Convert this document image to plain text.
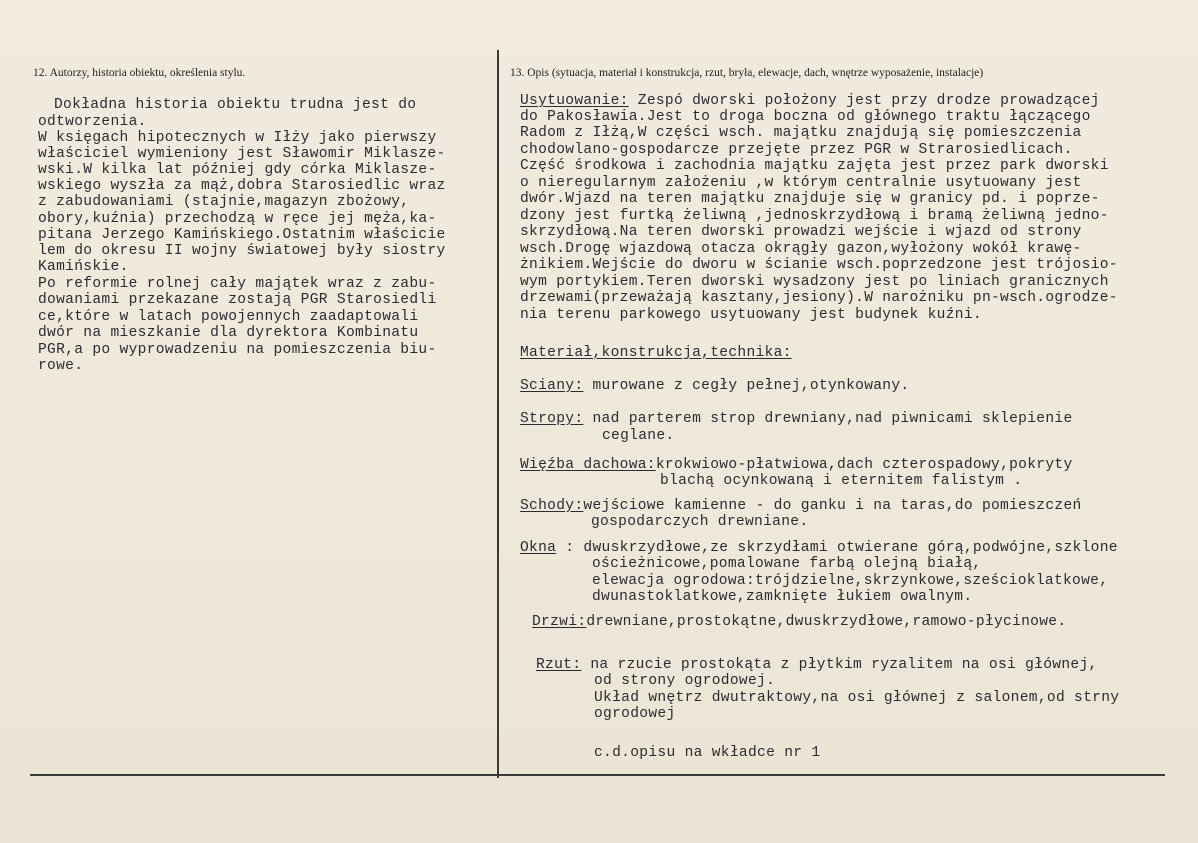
12. Autorzy, historia obiektu, określenia stylu.
Dokładna historia obiektu trudna jest do
odtworzenia.
W księgach hipotecznych w Iłży jako pierwszy
właściciel wymieniony jest Sławomir Miklasze-
wski.W kilka lat później gdy córka Miklasze-
wskiego wyszła za mąż,dobra Starosiedlic wraz
z zabudowaniami (stajnie,magazyn zbożowy,
obory,kuźnia) przechodzą w ręce jej męża,ka-
pitana Jerzego Kamińskiego.Ostatnim właścicie
lem do okresu II wojny światowej były siostry
Kamińskie.
Po reformie rolnej cały majątek wraz z zabu-
dowaniami przekazane zostają PGR Starosiedli
ce,które w latach powojennych zaadaptowali
dwór na mieszkanie dla dyrektora Kombinatu
PGR,a po wyprowadzeniu na pomieszczenia biu-
rowe.
13. Opis (sytuacja, materiał i konstrukcja, rzut, bryła, elewacje, dach, wnętrze wyposażenie, instalacje)
Usytuowanie: Zespó dworski położony jest przy drodze prowadzącej
do Pakosławia.Jest to droga boczna od głównego traktu łączącego
Radom z Iłżą,W części wsch. majątku znajdują się pomieszczenia
chodowlano-gospodarcze przejęte przez PGR w Strarosiedlicach.
Część środkowa i zachodnia majątku zajęta jest przez park dworski
o nieregularnym założeniu ,w którym centralnie usytuowany jest
dwór.Wjazd na teren majątku znajduje się w granicy pd. i poprze-
dzony jest furtką żeliwną ,jednoskrzydłową i bramą żeliwną jedno-
skrzydłową.Na teren dworski prowadzi wejście i wjazd od strony
wsch.Drogę wjazdową otacza okrągły gazon,wyłożony wokół krawę-
żnikiem.Wejście do dworu w ścianie wsch.poprzedzone jest trójosio-
wym portykiem.Teren dworski wysadzony jest po liniach granicznych
drzewami(przeważają kasztany,jesiony).W narożniku pn-wsch.ogrodze-
nia terenu parkowego usytuowany jest budynek kuźni.
Materiał,konstrukcja,technika:
Sciany: murowane z cegły pełnej,otynkowany.
Stropy: nad parterem strop drewniany,nad piwnicami sklepienie
ceglane.
Więźba dachowa:krokwiowo-płatwiowa,dach czterospadowy,pokryty
blachą ocynkowaną i eternitem falistym .
Schody:wejściowe kamienne - do ganku i na taras,do pomieszczeń
gospodarczych drewniane.
Okna : dwuskrzydłowe,ze skrzydłami otwierane górą,podwójne,szklone
ościeżnicowe,pomalowane farbą olejną białą,
elewacja ogrodowa:trójdzielne,skrzynkowe,sześcioklatkowe,
dwunastoklatkowe,zamknięte łukiem owalnym.
Drzwi:drewniane,prostokątne,dwuskrzydłowe,ramowo-płycinowe.
Rzut: na rzucie prostokąta z płytkim ryzalitem na osi głównej,
od strony ogrodowej.
Układ wnętrz dwutraktowy,na osi głównej z salonem,od strny
ogrodowej
c.d.opisu na wkładce nr 1
